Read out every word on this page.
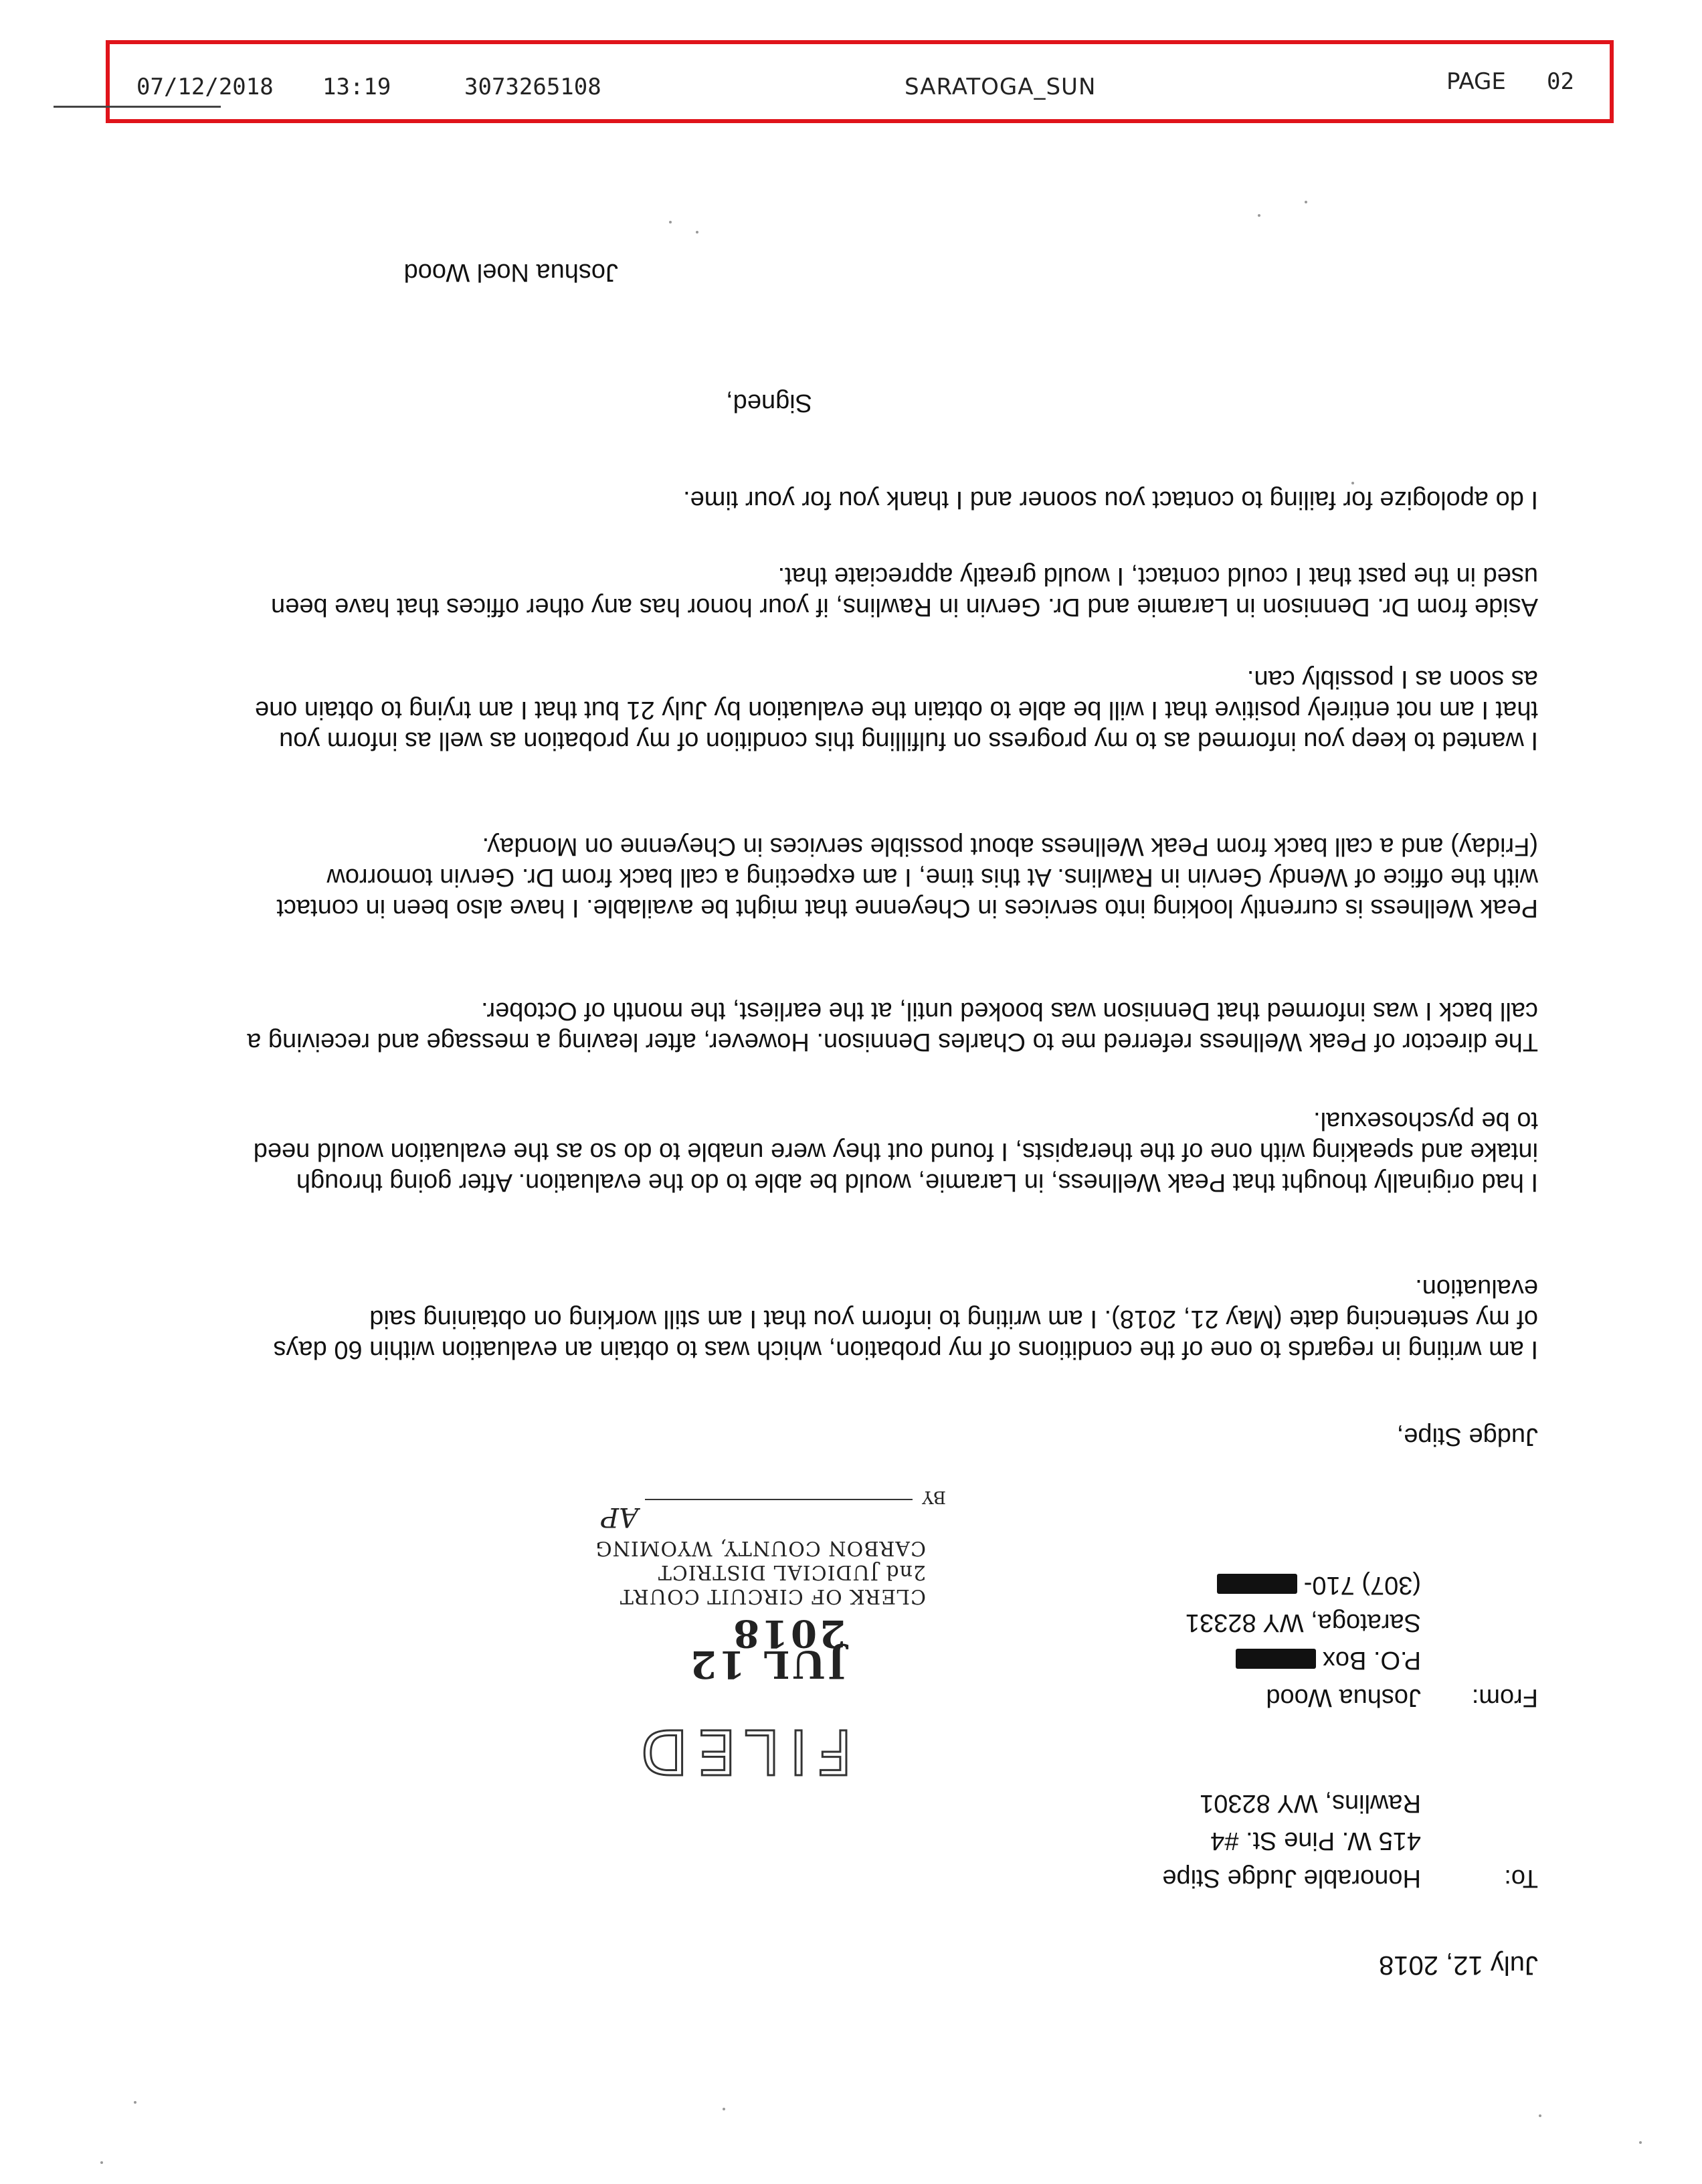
07/12/2018 13:19	3073265108	SARATOGA_SUN	PAGE 02
July 12, 2018
To:
Honorable Judge Stipe
415 W. Pine St. #4
Rawlins, WY 82301
From:
Joshua Wood
P.O. Box
Saratoga, WY 82331
(307) 710-
Judge Stipe,

I am writing in regards to one of the conditions of my probation, which was to obtain an evaluation within 60 days of my sentencing date (May 21, 2018). I am writing to inform you that I am still working on obtaining said evaluation.

I had originally thought that Peak Wellness, in Laramie, would be able to do the evaluation. After going through intake and speaking with one of the therapists, I found out they were unable to do so as the evaluation would need to be pyschosexual.

The director of Peak Wellness referred me to Charles Dennison. However, after leaving a message and receiving a call back I was informed that Dennison was booked until, at the earliest, the month of October.

Peak Wellness is currently looking into services in Cheyenne that might be available. I have also been in contact with the office of Wendy Gervin in Rawlins. At this time, I am expecting a call back from Dr. Gervin tomorrow (Friday) and a call back from Peak Wellness about possible services in Cheyenne on Monday.

I wanted to keep you informed as to my progress on fulfilling this condition of my probation as well as inform you that I am not entirely positive that I will be able to obtain the evaluation by July 21 but that I am trying to obtain one as soon as I possibly can.

Aside from Dr. Dennison in Laramie and Dr. Gervin in Rawlins, if your honor has any other offices that have been used in the past that I could contact, I would greatly appreciate that.

I do apologize for failing to contact you sooner and I thank you for your time.

Signed,
Joshua Noel Wood
FILED
JUL 12 2018
CLERK OF CIRCUIT COURT
2nd JUDICIAL DISTRICT
CARBON COUNTY, WYOMING
BY
AP
